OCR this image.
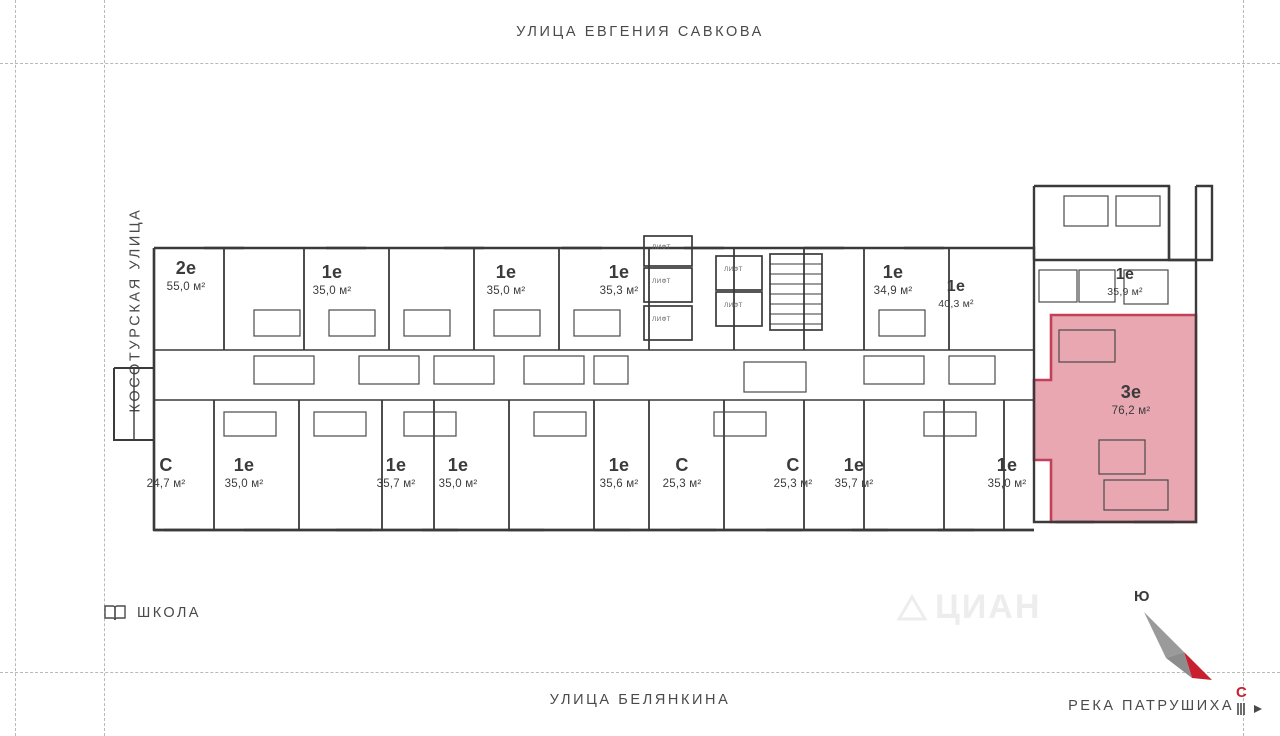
УЛИЦА ЕВГЕНИЯ САВКОВА
УЛИЦА БЕЛЯНКИНА
КОСОТУРСКАЯ УЛИЦА	2е
55,0 м²
1е
35,0 м²
1е
35,0 м²
1е
35,3 м²
1е
34,9 м²	1е
40,3 м²
1е
35,9 м²
С
24,7 м²
1е
35,0 м²
1е
35,7 м²
1е
35,0 м²
1е
35,6 м²
С
25,3 м²
С
25,3 м²
1е
35,7 м²
1е
35,0 м²
3е
76,2 м²
ЛИФТ
ЛИФТ
ЛИФТ
ЛИФТ
ЛИФТ
ЦИАН
ШКОЛА
Ю
С
РЕКА ПАТРУШИХА
